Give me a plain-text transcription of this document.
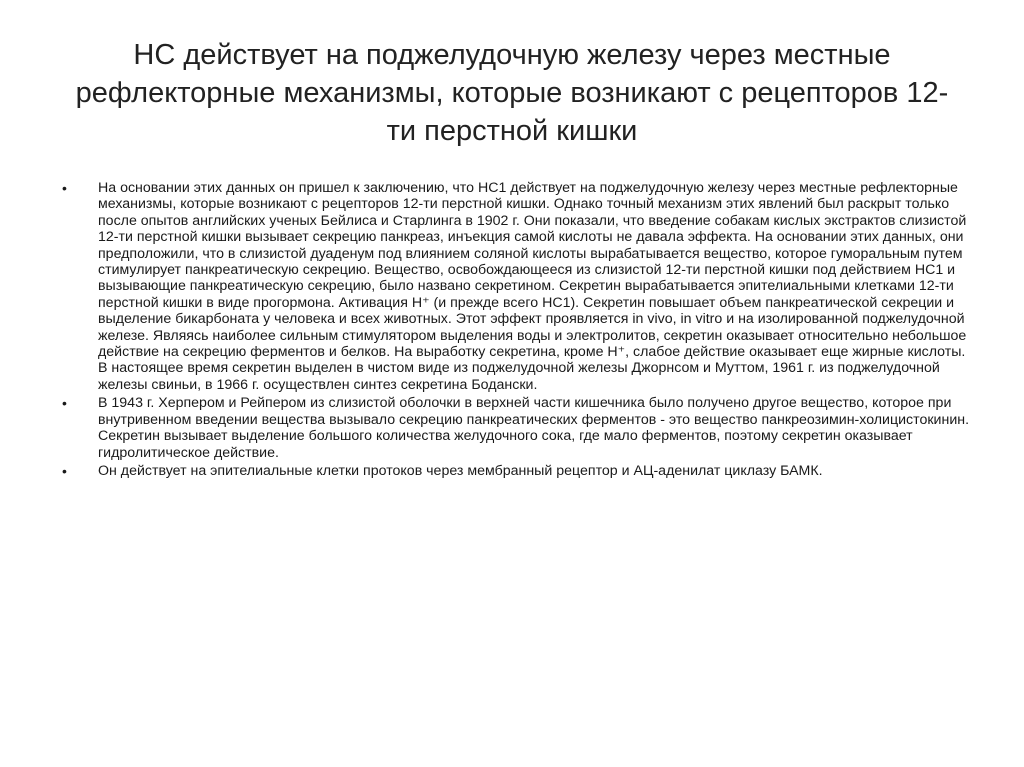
НС действует на поджелудочную железу через местные рефлекторные механизмы, которые возникают с рецепторов 12-ти перстной кишки
•	На основании этих данных он пришел к заключению, что НС1 действует на поджелудочную железу через местные рефлекторные механизмы, которые возникают с рецепторов 12-ти перстной кишки. Однако точный механизм этих явлений был раскрыт только после опытов английских ученых Бейлиса и Старлинга в 1902 г. Они показали, что введение собакам кислых экстрактов слизистой 12-ти перстной кишки вызывает секрецию панкреаз, инъекция самой кислоты не давала эффекта. На основании этих данных, они предположили, что в слизистой дуаденум под влиянием соляной кислоты вырабатывается вещество, которое гуморальным путем стимулирует панкреатическую секрецию. Вещество, освобождающееся из слизистой 12-ти перстной кишки под действием НС1 и вызывающие панкреатическую секрецию, было названо секретином. Секретин вырабатывается эпителиальными клетками 12-ти перстной кишки в виде прогормона. Активация Н⁺ (и прежде всего НС1). Секретин повышает объем панкреатической секреции и выделение бикарбоната у человека и всех животных. Этот эффект проявляется in vivo, in vitro и на изолированной поджелудочной железе. Являясь наиболее сильным стимулятором выделения воды и электролитов, секретин оказывает относительно небольшое действие на секрецию ферментов и белков. На выработку секретина, кроме Н⁺, слабое действие оказывает еще жирные кислоты. В настоящее время секретин выделен в чистом виде из поджелудочной железы Джорнсом и Муттом, 1961 г. из поджелудочной железы свиньи, в 1966 г. осуществлен синтез секретина Бодански.
•	В 1943 г. Херпером и Рейпером из слизистой оболочки в верхней части кишечника было получено другое вещество, которое при внутривенном введении вещества вызывало секрецию панкреатических ферментов - это вещество панкреозимин-холицистокинин. Секретин вызывает выделение большого количества желудочного сока, где мало ферментов, поэтому секретин оказывает гидролитическое действие.
•	Он действует на эпителиальные клетки протоков через мембранный рецептор и АЦ-аденилат циклазу БАМК.
